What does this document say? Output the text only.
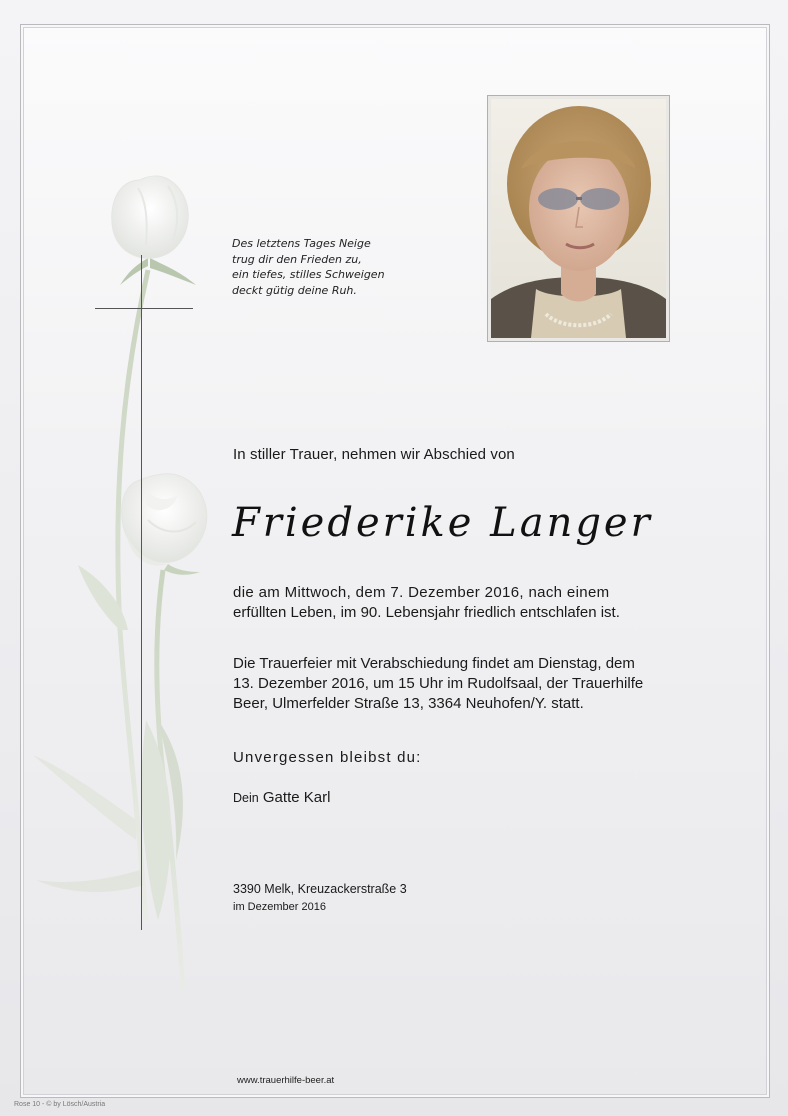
Des letztens Tages Neige
trug dir den Frieden zu,
ein tiefes, stilles Schweigen
deckt gütig deine Ruh.
In stiller Trauer, nehmen wir Abschied von
Friederike Langer
die am Mittwoch, dem 7. Dezember 2016, nach einem
erfüllten Leben, im 90. Lebensjahr friedlich entschlafen ist.
Die Trauerfeier mit Verabschiedung findet am Dienstag, dem
13. Dezember 2016, um 15 Uhr im Rudolfsaal, der Trauerhilfe
Beer, Ulmerfelder Straße 13, 3364 Neuhofen/Y. statt.
Unvergessen bleibst du:
Dein Gatte Karl
3390 Melk, Kreuzackerstraße 3
im Dezember 2016
www.trauerhilfe-beer.at
Rose 10 - © by Lösch/Austria
